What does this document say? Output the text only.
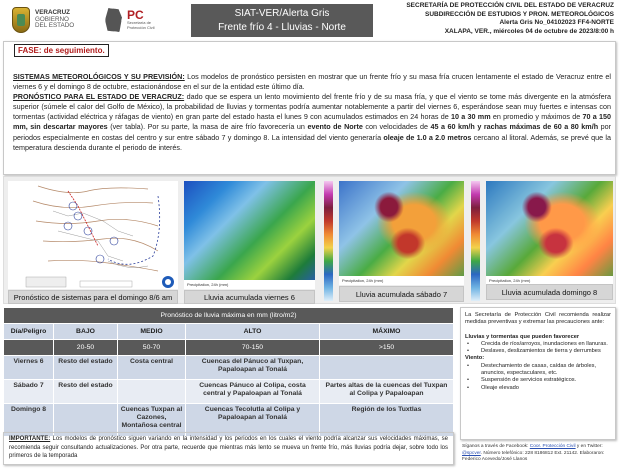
VERACRUZ
GOBIERNO
DEL ESTADO
PC
Secretaría de
Protección Civil
SIAT-VER/Alerta Gris
Frente frío 4 - Lluvias - Norte
SECRETARÍA DE PROTECCIÓN CIVIL DEL ESTADO DE VERACRUZ
SUBDIRECCIÓN DE ESTUDIOS Y PRON. METEOROLÓGICOS
Alerta Gris No_04102023 FF4-NORTE
XALAPA, VER., miércoles 04 de octubre de 2023/8:00 h
FASE: de seguimiento.
SISTEMAS METEOROLÓGICOS Y SU PREVISIÓN: Los modelos de pronóstico persisten en mostrar que un frente frío y su masa fría crucen lentamente el estado de Veracruz entre el viernes 6 y el domingo 8 de octubre, estacionándose en el sur de la entidad este último día.
PRONÓSTICO PARA EL ESTADO DE VERACRUZ: dado que se espera un lento movimiento del frente frío y de su masa fría, y que el viento se tome más divergente en la atmósfera superior (súmele el calor del Golfo de México), la probabilidad de lluvias y tormentas podría aumentar notablemente a partir del viernes 6, esperándose sean muy fuertes e intensas con tormentas (actividad eléctrica y ráfagas de viento) en gran parte del estado hasta el lunes 9 con acumulados estimados en 24 horas de 10 a 30 mm en promedio y máximos de 70 a 150 mm, sin descartar mayores (ver tabla). Por su parte, la masa de aire frío favorecería un evento de Norte con velocidades de 45 a 60 km/h y rachas máximas de 60 a 80 km/h por periodos especialmente en costas del centro y sur entre sábado 7 y domingo 8. La intensidad del viento generaría oleaje de 1.0 a 2.0 metros cercano al litoral. Además, se prevé que la temperatura descienda durante el periodo de interés.
Pronóstico de sistemas para el domingo 8/6 am
Precipitation, 24h (mm)
Lluvia acumulada viernes 6
Precipitation, 24h (mm)
Lluvia acumulada sábado 7
Precipitation, 24h (mm)
Lluvia acumulada domingo 8
Pronóstico de lluvia máxima en mm (litro/m2)				
Día/Peligro	BAJO	MEDIO	ALTO	MÁXIMO
	20-50	50-70	70-150	>150
Viernes 6	Resto del estado	Costa central	Cuencas del Pánuco al Tuxpan, Papaloapan al Tonalá	
Sábado 7	Resto del estado		Cuencas Pánuco al Colipa, costa central y Papaloapan al Tonalá	Partes altas de la cuencas del Tuxpan al Colipa y Papaloapan
Domingo 8		Cuencas Tuxpan al Cazones, Montañosa central	Cuencas Tecolutla al Colipa y Papaloapan al Tonalá	Región de los Tuxtlas
La Secretaría de Protección Civil recomienda realizar medidas preventivas y extremar las precauciones ante:
Lluvias y tormentas que pueden favorecer
• Crecida de ríos/arroyos, inundaciones en llanuras.
• Deslaves, deslizamientos de tierra y derrumbes
Viento:
• Destechamiento de casas, caídas de árboles, anuncios, espectaculares, etc.
• Suspensión de servicios estratégicos.
• Oleaje elevado
IMPORTANTE: Los modelos de pronóstico siguen variando en la intensidad y los periodos en los cuales el viento podría alcanzar sus velocidades máximas, se recomienda seguir consultando actualizaciones. Por otra parte, recuerde que mientras más lento se mueva un frente frío, más lluvias podría dejar, sobre todo los primeros de la temporada
Síganos a través de Facebook: Coor. Protección Civil y en Twitter: @spcver. Número telefónico: 228 8186812 Ext. 21142. Elaboraron: Federico Acevedo/José Llanos
